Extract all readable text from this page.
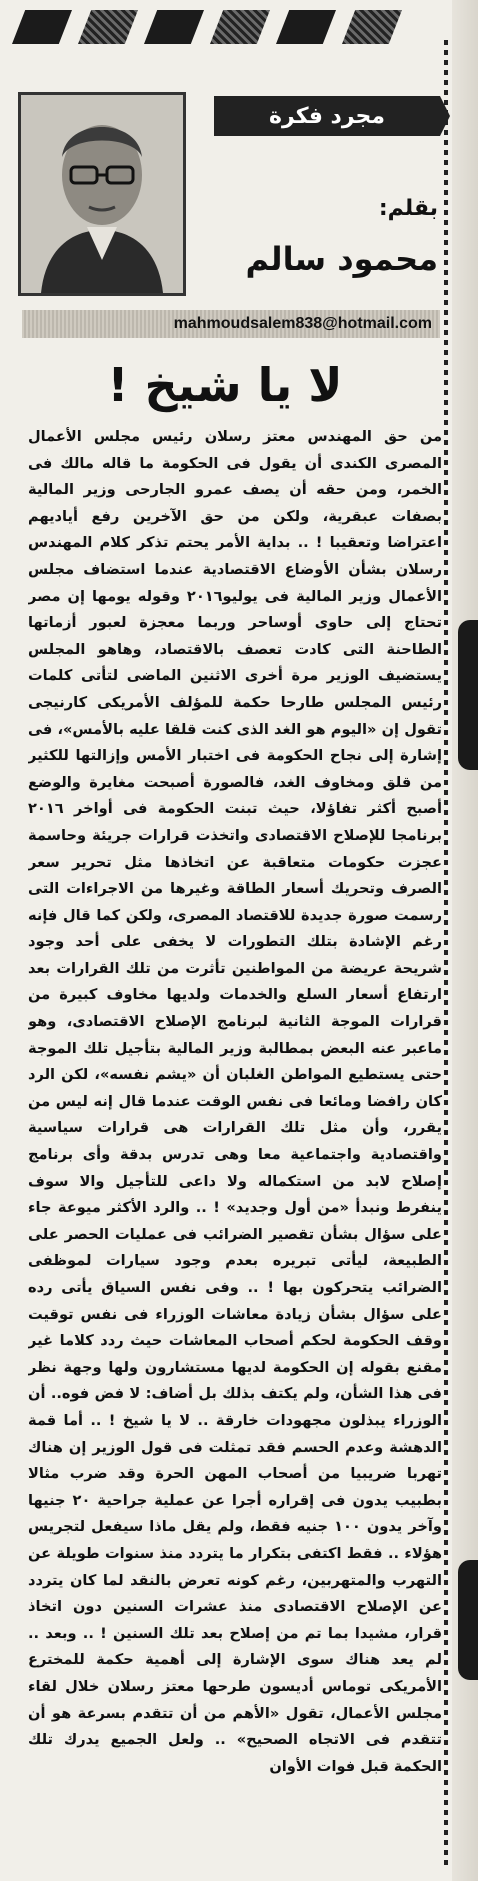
مجرد فكرة
بقلم:
محمود سالم
mahmoudsalem838@hotmail.com
لا يا شيخ !

من حق المهندس معتز رسلان رئيس مجلس الأعمال المصرى الكندى أن يقول فى الحكومة ما قاله مالك فى الخمر، ومن حقه أن يصف عمرو الجارحى وزير المالية بصفات عبقرية، ولكن من حق الآخرين رفع أياديهم اعتراضا وتعقيبا ! .. بداية الأمر يحتم تذكر كلام المهندس رسلان بشأن الأوضاع الاقتصادية عندما استضاف مجلس الأعمال وزير المالية فى يوليو٢٠١٦ وقوله يومها إن مصر تحتاج إلى حاوى أوساحر وربما معجزة لعبور أزماتها الطاحنة التى كادت تعصف بالاقتصاد، وهاهو المجلس يستضيف الوزير مرة أخرى الاثنين الماضى لتأتى كلمات رئيس المجلس طارحا حكمة للمؤلف الأمريكى كارنيجى تقول إن «اليوم هو الغد الذى كنت قلقا عليه بالأمس»، فى إشارة إلى نجاح الحكومة فى اختبار الأمس وإزالتها للكثير من قلق ومخاوف الغد، فالصورة أصبحت مغايرة والوضع أصبح أكثر تفاؤلا، حيث تبنت الحكومة فى أواخر ٢٠١٦ برنامجا للإصلاح الاقتصادى واتخذت قرارات جريئة وحاسمة عجزت حكومات متعاقبة عن اتخاذها مثل تحرير سعر الصرف وتحريك أسعار الطاقة وغيرها من الاجراءات التى رسمت صورة جديدة للاقتصاد المصرى، ولكن كما قال فإنه رغم الإشادة بتلك التطورات لا يخفى على أحد وجود شريحة عريضة من المواطنين تأثرت من تلك القرارات بعد ارتفاع أسعار السلع والخدمات ولديها مخاوف كبيرة من قرارات الموجة الثانية لبرنامج الإصلاح الاقتصادى، وهو ماعبر عنه البعض بمطالبة وزير المالية بتأجيل تلك الموجة حتى يستطيع المواطن الغلبان أن «يشم نفسه»، لكن الرد كان رافضا ومائعا فى نفس الوقت عندما قال إنه ليس من يقرر، وأن مثل تلك القرارات هى قرارات سياسية واقتصادية واجتماعية معا وهى تدرس بدقة وأى برنامج إصلاح لابد من استكماله ولا داعى للتأجيل والا سوف ينفرط ونبدأ «من أول وجديد» ! .. والرد الأكثر ميوعة جاء على سؤال بشأن تقصير الضرائب فى عمليات الحصر على الطبيعة، ليأتى تبريره بعدم وجود سيارات لموظفى الضرائب يتحركون بها ! .. وفى نفس السياق يأتى رده على سؤال بشأن زيادة معاشات الوزراء فى نفس توقيت وقف الحكومة لحكم أصحاب المعاشات حيث ردد كلاما غير مقنع بقوله إن الحكومة لديها مستشارون ولها وجهة نظر فى هذا الشأن، ولم يكتف بذلك بل أضاف: لا فض فوه.. أن الوزراء يبذلون مجهودات خارقة .. لا يا شيخ ! .. أما قمة الدهشة وعدم الحسم فقد تمثلت فى قول الوزير إن هناك تهربا ضريبيا من أصحاب المهن الحرة وقد ضرب مثالا بطبيب يدون فى إقراره أجرا عن عملية جراحية ٢٠ جنيها وآخر يدون ١٠٠ جنيه فقط، ولم يقل ماذا سيفعل لتجريس هؤلاء .. فقط اكتفى بتكرار ما يتردد منذ سنوات طويلة عن التهرب والمتهربين، رغم كونه تعرض بالنقد لما كان يتردد عن الإصلاح الاقتصادى منذ عشرات السنين دون اتخاذ قرار، مشيدا بما تم من إصلاح بعد تلك السنين ! .. وبعد .. لم يعد هناك سوى الإشارة إلى أهمية حكمة للمخترع الأمريكى توماس أديسون طرحها معتز رسلان خلال لقاء مجلس الأعمال، تقول «الأهم من أن تتقدم بسرعة هو أن تتقدم فى الاتجاه الصحيح» .. ولعل الجميع يدرك تلك الحكمة قبل فوات الأوان
